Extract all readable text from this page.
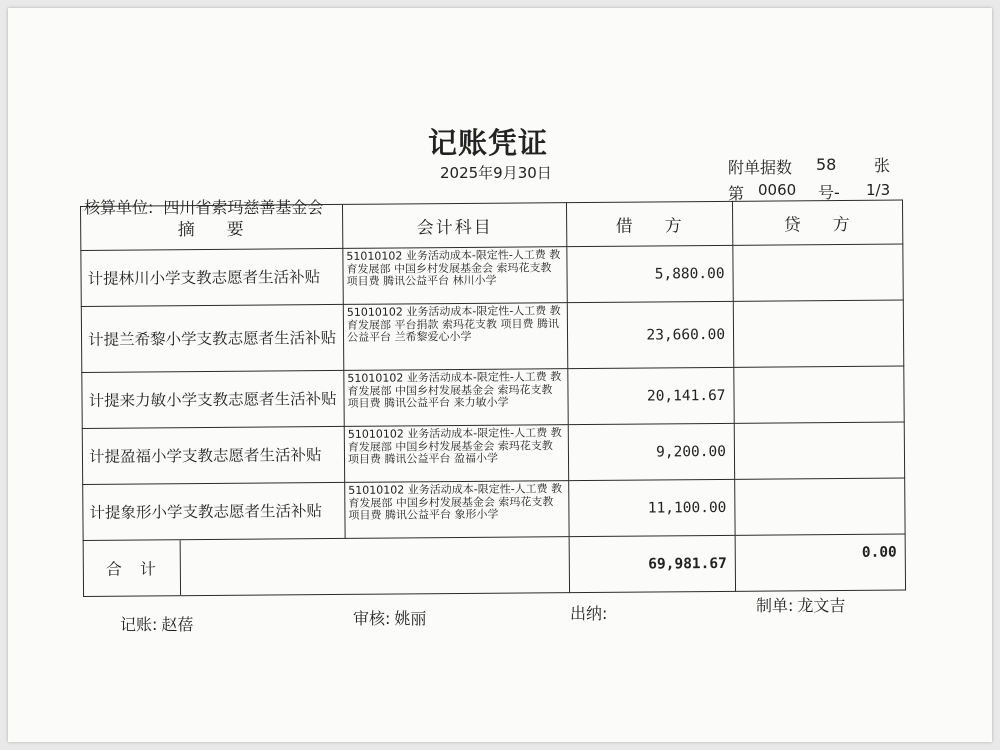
记账凭证
2025年9月30日	附单据数 58 张
第 0060 号- 1/3
核算单位: 四川省索玛慈善基金会
摘 要	会计科目	借 方	贷 方
计提林川小学支教志愿者生活补贴	51010102 业务活动成本-限定性-人工费 教育发展部 中国乡村发展基金会 索玛花支教 项目费 腾讯公益平台 林川小学	5,880.00	
计提兰希黎小学支教志愿者生活补贴	51010102 业务活动成本-限定性-人工费 教育发展部 平台捐款 索玛花支教 项目费 腾讯公益平台 兰希黎爱心小学	23,660.00	
计提来力敏小学支教志愿者生活补贴	51010102 业务活动成本-限定性-人工费 教育发展部 中国乡村发展基金会 索玛花支教 项目费 腾讯公益平台 来力敏小学	20,141.67	
计提盈福小学支教志愿者生活补贴	51010102 业务活动成本-限定性-人工费 教育发展部 中国乡村发展基金会 索玛花支教 项目费 腾讯公益平台 盈福小学	9,200.00	
计提象形小学支教志愿者生活补贴	51010102 业务活动成本-限定性-人工费 教育发展部 中国乡村发展基金会 索玛花支教 项目费 腾讯公益平台 象形小学	11,100.00	

合 计		69,981.67	0.00
记账: 赵蓓	审核: 姚丽	出纳:	制单: 龙文吉
